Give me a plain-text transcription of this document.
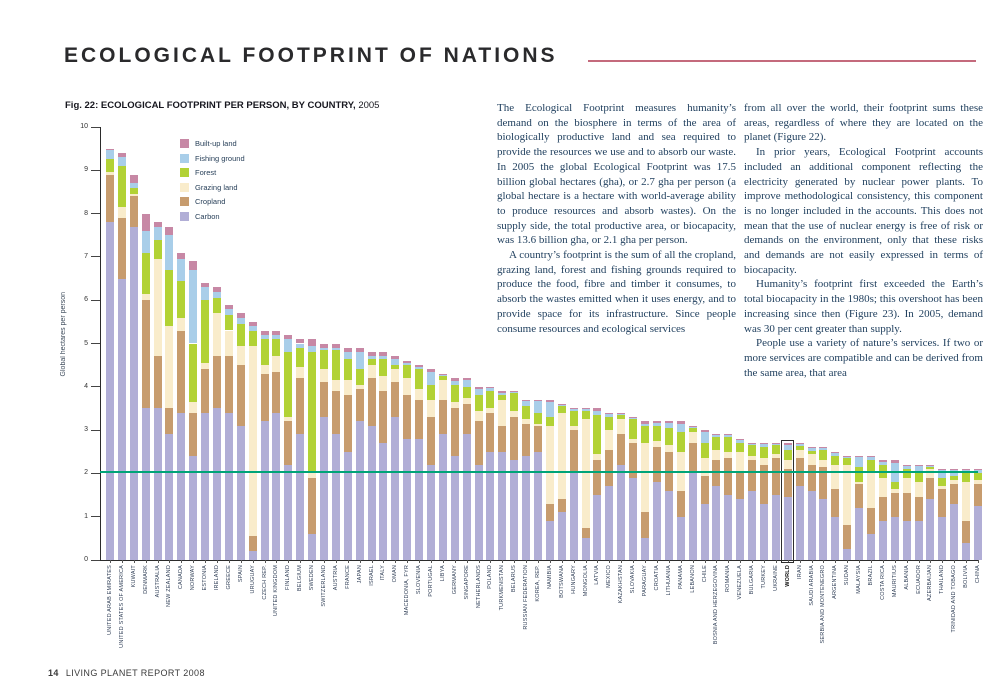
ECOLOGICAL FOOTPRINT OF NATIONS
Fig. 22: ECOLOGICAL FOOTPRINT PER PERSON, BY COUNTRY, 2005
Global hectares per person
Built-up land
Fishing ground
Forest
Grazing land
Cropland
Carbon
0
1
2
3
4
5
6
7
8
9
10
UNITED ARAB EMIRATES UNITED STATES OF AMERICA KUWAIT DENMARK AUSTRALIA NEW ZEALAND CANADA NORWAY ESTONIA IRELAND GREECE SPAIN URUGUAY CZECH REP. UNITED KINGDOM FINLAND BELGIUM SWEDEN SWITZERLAND AUSTRIA FRANCE JAPAN ISRAEL ITALY OMAN MACEDONIA, FYR SLOVENIA PORTUGAL LIBYA GERMANY SINGAPORE NETHERLANDS POLAND TURKMENISTAN BELARUS RUSSIAN FEDERATION KOREA, REP. NAMIBIA BOTSWANA HUNGARY MONGOLIA LATVIA MEXICO KAZAKHSTAN SLOVAKIA PARAGUAY CROATIA LITHUANIA PANAMA LEBANON CHILE BOSNIA AND HERZEGOVINA ROMANIA VENEZUELA BULGARIA TURKEY UKRAINE WORLD IRAN SAUDI ARABIA SERBIA AND MONTENEGRO ARGENTINA SUDAN MALAYSIA BRAZIL COSTA RICA MAURITIUS ALBANIA ECUADOR AZERBAIJAN THAILAND TRINIDAD AND TOBAGO BOLIVIA CHINA

The Ecological Footprint measures humanity’s demand on the biosphere in terms of the area of biologically productive land and sea required to provide the resources we use and to absorb our waste. In 2005 the global Ecological Footprint was 17.5 billion global hectares (gha), or 2.7 gha per person (a global hectare is a hectare with world-average ability to produce resources and absorb wastes). On the supply side, the total productive area, or biocapacity, was 13.6 billion gha, or 2.1 gha per person.

A country’s footprint is the sum of all the cropland, grazing land, forest and fishing grounds required to produce the food, fibre and timber it consumes, to absorb the wastes emitted when it uses energy, and to provide space for its infrastructure. Since people consume resources and ecological services

from all over the world, their footprint sums these areas, regardless of where they are located on the planet (Figure 22).

In prior years, Ecological Footprint accounts included an additional component reflecting the electricity generated by nuclear power plants. To improve methodological consistency, this component is no longer included in the accounts. This does not mean that the use of nuclear energy is free of risk or demands on the environment, only that these risks and demands are not easily expressed in terms of biocapacity.

Humanity’s footprint first exceeded the Earth’s total biocapacity in the 1980s; this overshoot has been increasing since then (Figure 23). In 2005, demand was 30 per cent greater than supply.

People use a variety of nature’s services. If two or more services are compatible and can be derived from the same area, that area

14 LIVING PLANET REPORT 2008
